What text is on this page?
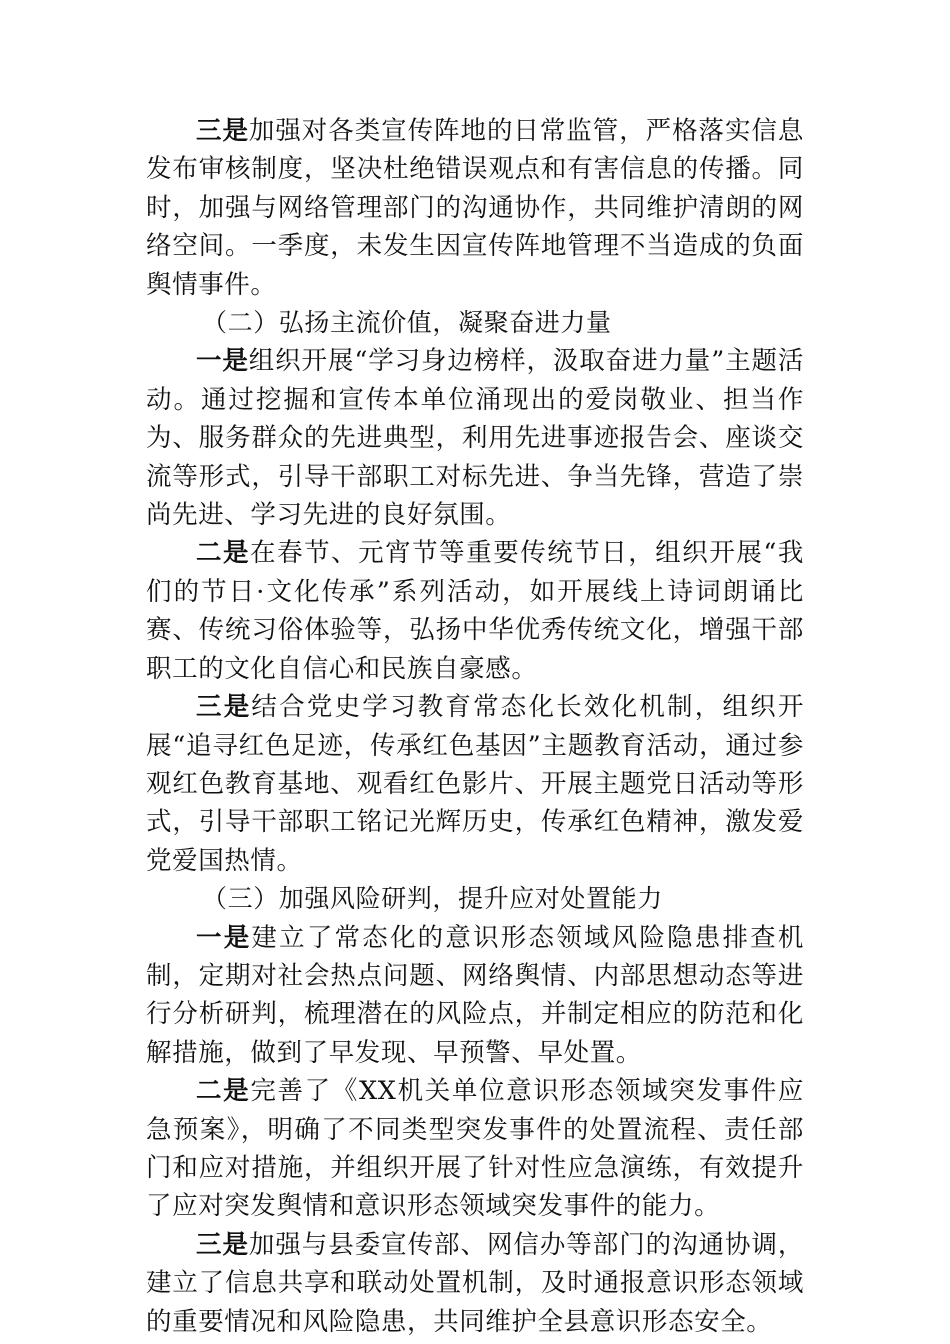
三是加强对各类宣传阵地的日常监管，严格落实信息发布审核制度，坚决杜绝错误观点和有害信息的传播。同时，加强与网络管理部门的沟通协作，共同维护清朗的网络空间。一季度，未发生因宣传阵地管理不当造成的负面舆情事件。

（二）弘扬主流价值，凝聚奋进力量

一是组织开展“学习身边榜样，汲取奋进力量”主题活动。通过挖掘和宣传本单位涌现出的爱岗敬业、担当作为、服务群众的先进典型，利用先进事迹报告会、座谈交流等形式，引导干部职工对标先进、争当先锋，营造了崇尚先进、学习先进的良好氛围。

二是在春节、元宵节等重要传统节日，组织开展“我们的节日·文化传承”系列活动，如开展线上诗词朗诵比赛、传统习俗体验等，弘扬中华优秀传统文化，增强干部职工的文化自信心和民族自豪感。

三是结合党史学习教育常态化长效化机制，组织开展“追寻红色足迹，传承红色基因”主题教育活动，通过参观红色教育基地、观看红色影片、开展主题党日活动等形式，引导干部职工铭记光辉历史，传承红色精神，激发爱党爱国热情。

（三）加强风险研判，提升应对处置能力

一是建立了常态化的意识形态领域风险隐患排查机制，定期对社会热点问题、网络舆情、内部思想动态等进行分析研判，梳理潜在的风险点，并制定相应的防范和化解措施，做到了早发现、早预警、早处置。

二是完善了《XX机关单位意识形态领域突发事件应急预案》，明确了不同类型突发事件的处置流程、责任部门和应对措施，并组织开展了针对性应急演练，有效提升了应对突发舆情和意识形态领域突发事件的能力。

三是加强与县委宣传部、网信办等部门的沟通协调，建立了信息共享和联动处置机制，及时通报意识形态领域的重要情况和风险隐患，共同维护全县意识形态安全。
